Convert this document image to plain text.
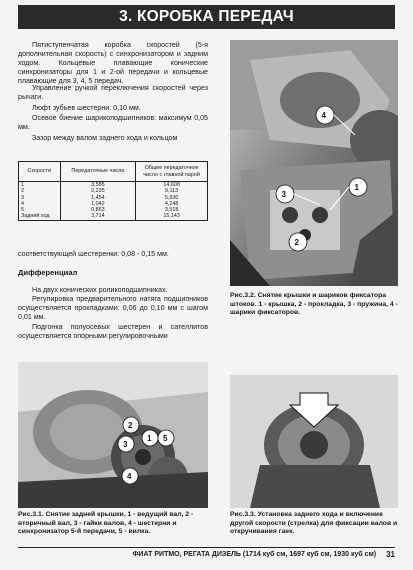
3. КОРОБКА ПЕРЕДАЧ
Пятиступенчатая коробка скоростей (5-я дополнительная скорость) с синхронизатором и задним ходом. Кольцевые плавающие конические синхронизаторы для 1 и 2-ой передачи и кольцевые плавающие для 3, 4, 5 передач.
Управление ручкой переключения скоростей через рычаги.
Люфт зубьев шестерни: 0,10 мм.
Осевое биение шарикоподшипников: максимум 0,05 мм.
Зазор между валом заднего хода и кольцом
Скорости	Передаточные числа	Общее передаточное число с главной парой
1	3,585	14,608
2	2,235	9,113
3	1,454	5,930
4	1,042	4,248
5	0,863	3,518
Задний ход	3,714	15,143
соответствующей шестеренки: 0,08 - 0,15 мм.
Дифференциал
На двух конических роликоподшипниках.
Регулировка предварительного натяга подшипников осуществляется прокладками: 0,06 до 0,10 мм с шагом 0,01 мм.
Подгонка полуосевых шестерен и сателлитов осуществляется опорными регулировочными
4
3
1
2
Рис.3.2. Снятие крышки и шариков фиксатора штоков. 1 - крышка, 2 - прокладка, 3 - пружина, 4 - шарики фиксаторов.
1
2
3
5
4
Рис.3.1. Снятие задней крышки. 1 - ведущий вал, 2 - вторичный вал, 3 - гайки валов, 4 - шестерни и синхронизатор 5-й передачи, 5 - вилка.
Рис.3.3. Установка заднего хода и включение другой скорости (стрелка) для фиксации валов и откручивания гаек.
ФИАТ РИТМО, РЕГАТА ДИЗЕЛЬ (1714 куб см, 1697 куб см, 1930 куб см)	31
